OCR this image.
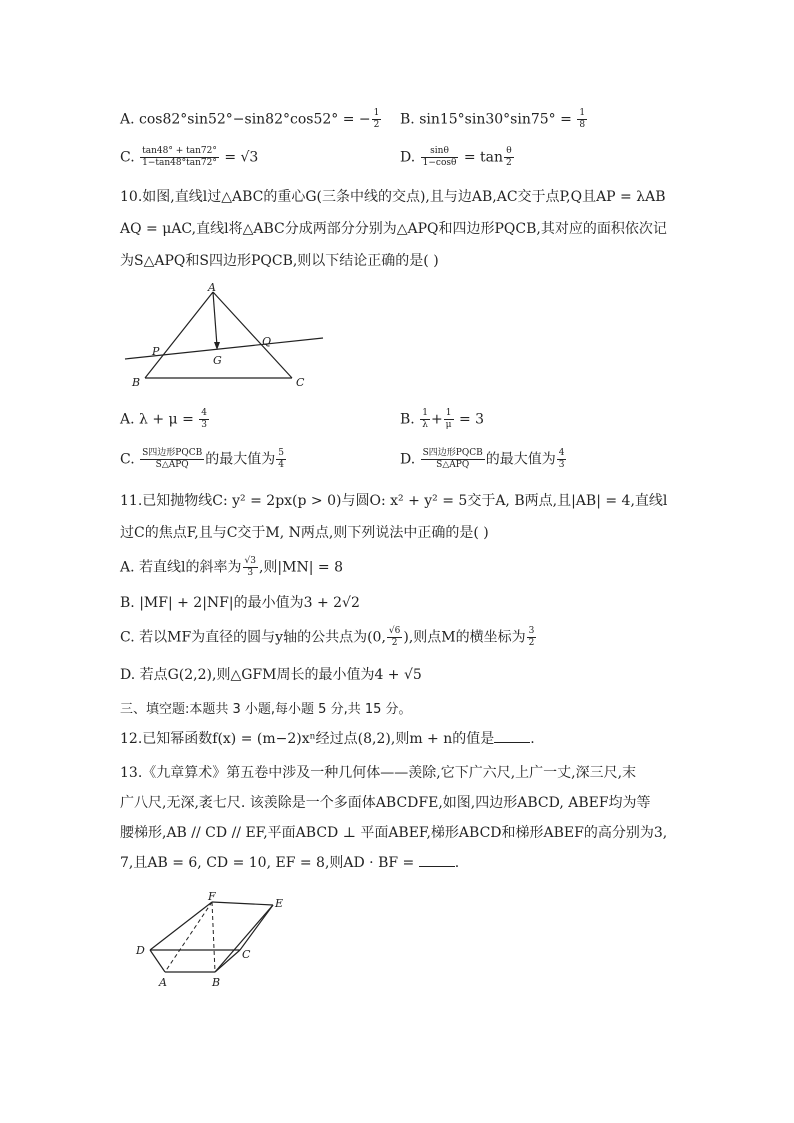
A. cos82°sin52°−sin82°cos52° = − $\frac{1}{2} B$. $\sin 15^\circ\sin 30^\circ\sin 75^\circ = \frac{1}{8}$
C. $\frac{\tan 48^\circ + \tan 72^\circ}{1-\tan 48^\circ\tan 72^\circ} = √3$	D. $\frac{\sin\theta}{1-\cos\theta} = \tan \frac{\theta}{2}$
10.如图,直线l过△ABC的重心G(三条中线的交点),且与边AB,AC交于点P,Q且AP = λAB
AQ = μAC,直线l将△ABC分成两部分分别为△APQ和四边形PQCB,其对应的面积依次记
为S△APQ和S四边形PQCB,则以下结论正确的是( )
A
B	C
P
Q
G
A. $\lambda + \mu = \frac{4}{3}$	B. $\frac{1}{\lambda} + \frac{1}{\mu} = 3$
C. $\frac{\text{S四边形PQCB}}{\text{S△APQ}}$ 的最大值为 $\frac{5}{4}$	D. $\frac{\text{S四边形PQCB}}{\text{S△APQ}}$ 的最大值为 $\frac{4}{3}$
11.已知抛物线C: y² = 2px(p > 0)与圆O: x² + y² = 5交于A, B两点,且|AB| = 4,直线l
过C的焦点F,且与C交于M, N两点,则下列说法中正确的是( )
A. 若直线l的斜率为 $\frac{√3}{3}$ ,则|MN| = 8
B. |MF| + 2|NF|的最小值为3 + 2√2
C. 若以MF为直径的圆与y轴的公共点为(0, $\frac{√6}{2}$ ),则点M的横坐标为 $\frac{3}{2}$
D. 若点G(2,2),则△GFM周长的最小值为4 + √5
三、填空题:本题共 3 小题,每小题 5 分,共 15 分。
12.已知幂函数f(x) = (m−2)xⁿ经过点(8,2),则m + n的值是	.
13.《九章算术》第五卷中涉及一种几何体——羡除,它下广六尺,上广一丈,深三尺,末
广八尺,无深,袤七尺. 该羡除是一个多面体ABCDFE,如图,四边形ABCD, ABEF均为等
腰梯形,AB // CD // EF,平面ABCD ⊥ 平面ABEF,梯形ABCD和梯形ABEF的高分别为3,
7,且AB = 6, CD = 10, EF = 8,则AD · BF =	.
A	B
C
D
E
F
